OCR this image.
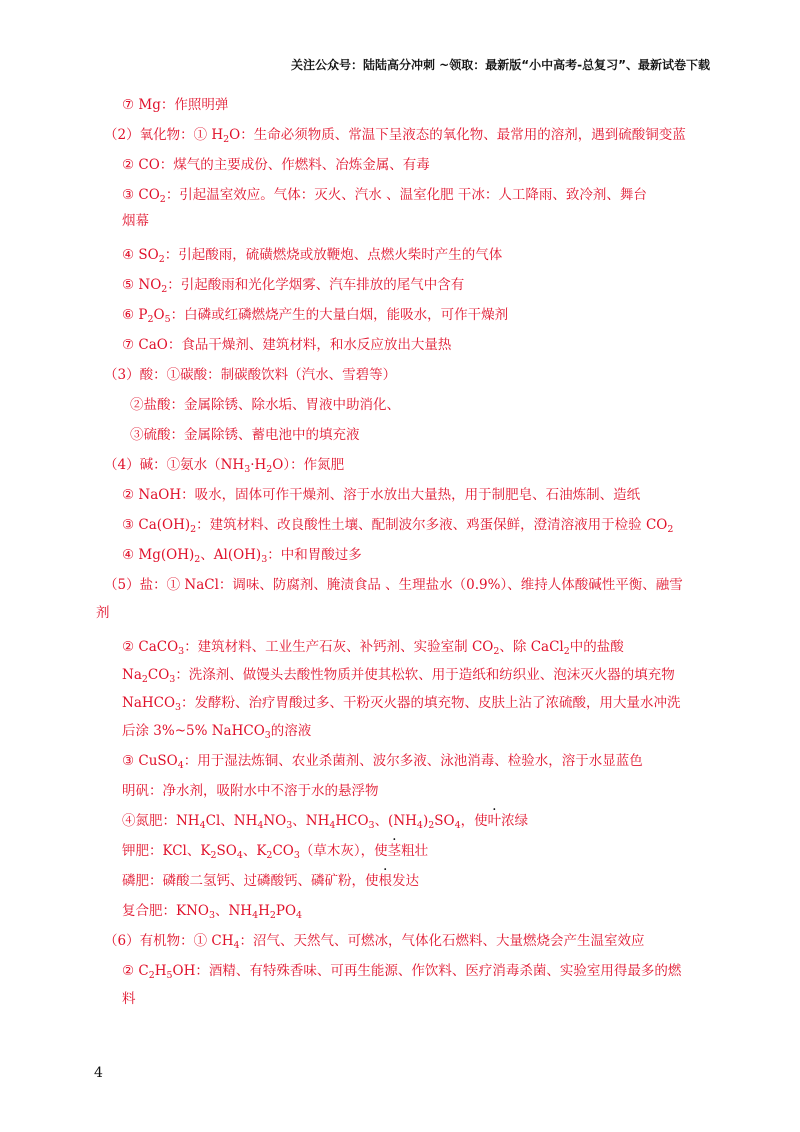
关注公众号：陆陆高分冲刺 ~领取：最新版“小中高考-总复习”、最新试卷下载
⑦ Mg：作照明弹
（2）氧化物：① $H_2O$：生命必须物质、常温下呈液态的氧化物、最常用的溶剂，遇到硫酸铜变蓝
② CO：煤气的主要成份、作燃料、冶炼金属、有毒
③ $CO_2$：引起温室效应。气体：灭火、汽水 、温室化肥 干冰：人工降雨、致冷剂、舞台
烟幕
④ $SO_2$：引起酸雨，硫磺燃烧或放鞭炮、点燃火柴时产生的气体
⑤ $NO_2$：引起酸雨和光化学烟雾、汽车排放的尾气中含有
⑥ $P_2O_5$：白磷或红磷燃烧产生的大量白烟，能吸水，可作干燥剂
⑦ CaO：食品干燥剂、建筑材料，和水反应放出大量热
（3）酸：①碳酸：制碳酸饮料（汽水、雪碧等）
②盐酸：金属除锈、除水垢、胃液中助消化、
③硫酸：金属除锈、蓄电池中的填充液
（4）碱：①氨水$(NH_3\cdot H_2O)$：作氮肥
② NaOH：吸水，固体可作干燥剂、溶于水放出大量热，用于制肥皂、石油炼制、造纸
③ $Ca(OH)_2$：建筑材料、改良酸性土壤、配制波尔多液、鸡蛋保鲜，澄清溶液用于检验 $CO_2$
④ $Mg(OH)_2$、$Al(OH)_3$：中和胃酸过多
（5）盐：① NaCl：调味、防腐剂、腌渍食品 、生理盐水（0.9%）、维持人体酸碱性平衡、融雪
剂
② CaCO$_3$：建筑材料、工业生产石灰、补钙剂、实验室制 $CO_2$、除 CaCl$_2$中的盐酸
$Na_2CO_3$：洗涤剂、做馒头去酸性物质并使其松软、用于造纸和纺织业、泡沫灭火器的填充物
NaHCO$_3$：发酵粉、治疗胃酸过多、干粉灭火器的填充物、皮肤上沾了浓硫酸，用大量水冲洗
后涂 3%~5% NaHCO$_3$的溶液
③ CuSO$_4$：用于湿法炼铜、农业杀菌剂、波尔多液、泳池消毒、检验水，溶于水显蓝色
明矾：净水剂，吸附水中不溶于水的悬浮物
④氮肥：$NH_4Cl$、$NH_4NO_3$、$NH_4HCO_3$、$(NH_4)_2SO_4$，使叶浓绿
钾肥：KCl、$K_2SO_4$、$K_2CO_3$（草木灰），使茎粗壮
磷肥：磷酸二氢钙、过磷酸钙、磷矿粉，使根发达
复合肥：$KNO_3$、$NH_4H_2PO_4$
（6）有机物：① $CH_4$：沼气、天然气、可燃冰，气体化石燃料、大量燃烧会产生温室效应
② $C_2H_5OH$：酒精、有特殊香味、可再生能源、作饮料、医疗消毒杀菌、实验室用得最多的燃
料
4
